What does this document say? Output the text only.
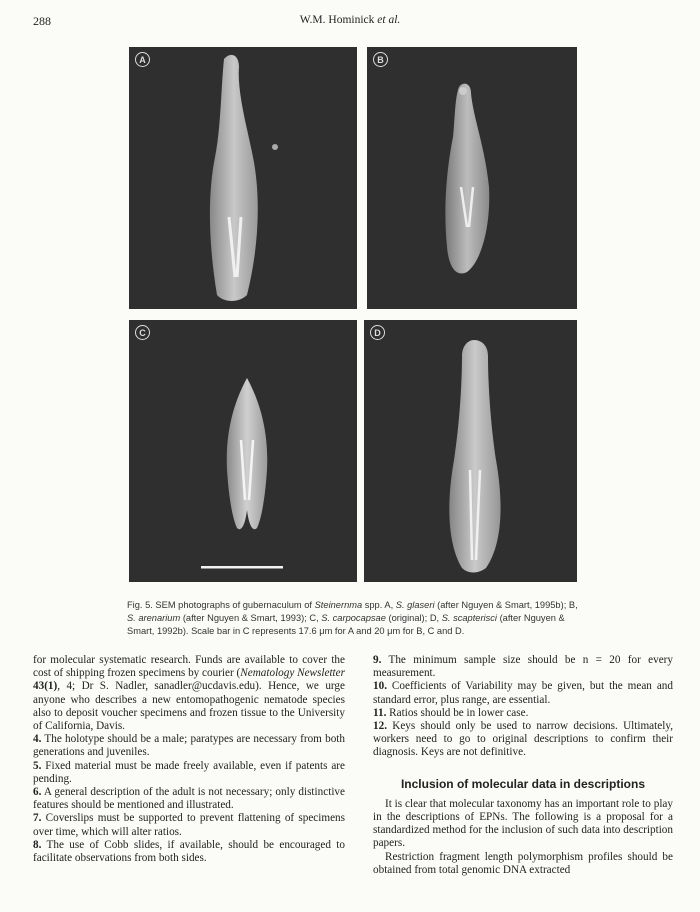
288	W.M. Hominick et al.
A	B
C	D
Fig. 5. SEM photographs of gubernaculum of Steinernma spp. A, S. glaseri (after Nguyen & Smart, 1995b); B, S. arenarium (after Nguyen & Smart, 1993); C, S. carpocapsae (original); D, S. scapterisci (after Nguyen & Smart, 1992b). Scale bar in C represents 17.6 μm for A and 20 μm for B, C and D.

for molecular systematic research. Funds are available to cover the cost of shipping frozen specimens by courier (Nematology Newsletter 43(1), 4; Dr S. Nadler, sanadler@ucdavis.edu). Hence, we urge anyone who describes a new entomopathogenic nematode species also to deposit voucher specimens and frozen tissue to the University of California, Davis.

4. The holotype should be a male; paratypes are necessary from both generations and juveniles.

5. Fixed material must be made freely available, even if patents are pending.

6. A general description of the adult is not necessary; only distinctive features should be mentioned and illustrated.

7. Coverslips must be supported to prevent flattening of specimens over time, which will alter ratios.

8. The use of Cobb slides, if available, should be encouraged to facilitate observations from both sides.

9. The minimum sample size should be n = 20 for every measurement.

10. Coefficients of Variability may be given, but the mean and standard error, plus range, are essential.

11. Ratios should be in lower case.

12. Keys should only be used to narrow decisions. Ultimately, workers need to go to original descriptions to confirm their diagnosis. Keys are not definitive.

Inclusion of molecular data in descriptions

It is clear that molecular taxonomy has an important role to play in the descriptions of EPNs. The following is a proposal for a standardized method for the inclusion of such data into description papers.

Restriction fragment length polymorphism profiles should be obtained from total genomic DNA extracted
